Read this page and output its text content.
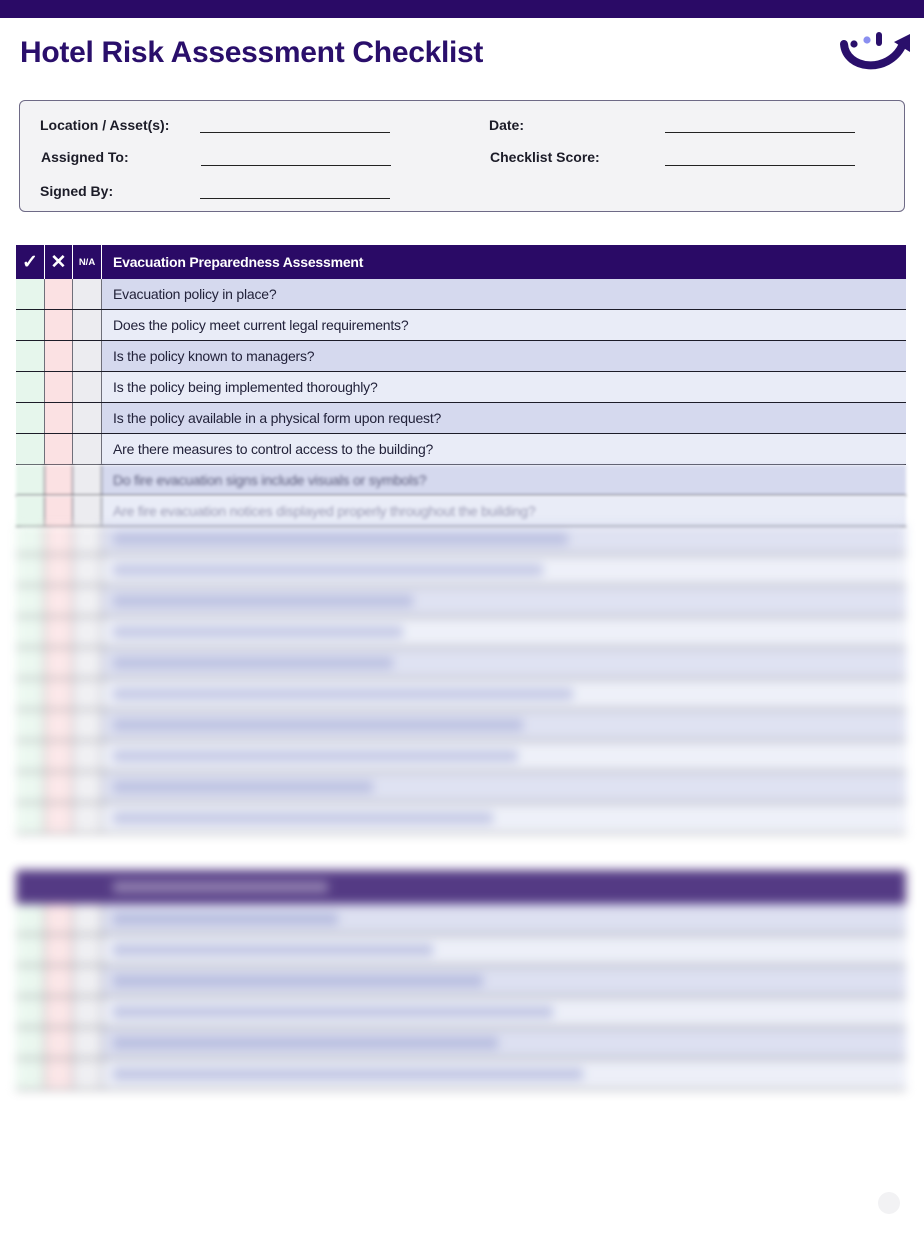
Hotel Risk Assessment Checklist
Location / Asset(s):	Date:
Assigned To:	Checklist Score:
Signed By:
✓ ✕	N/A	Evacuation Preparedness Assessment
Evacuation policy in place?
Does the policy meet current legal requirements?
Is the policy known to managers?
Is the policy being implemented thoroughly?
Is the policy available in a physical form upon request?
Are there measures to control access to the building?
Do fire evacuation signs include visuals or symbols?
Are fire evacuation notices displayed properly throughout the building?
